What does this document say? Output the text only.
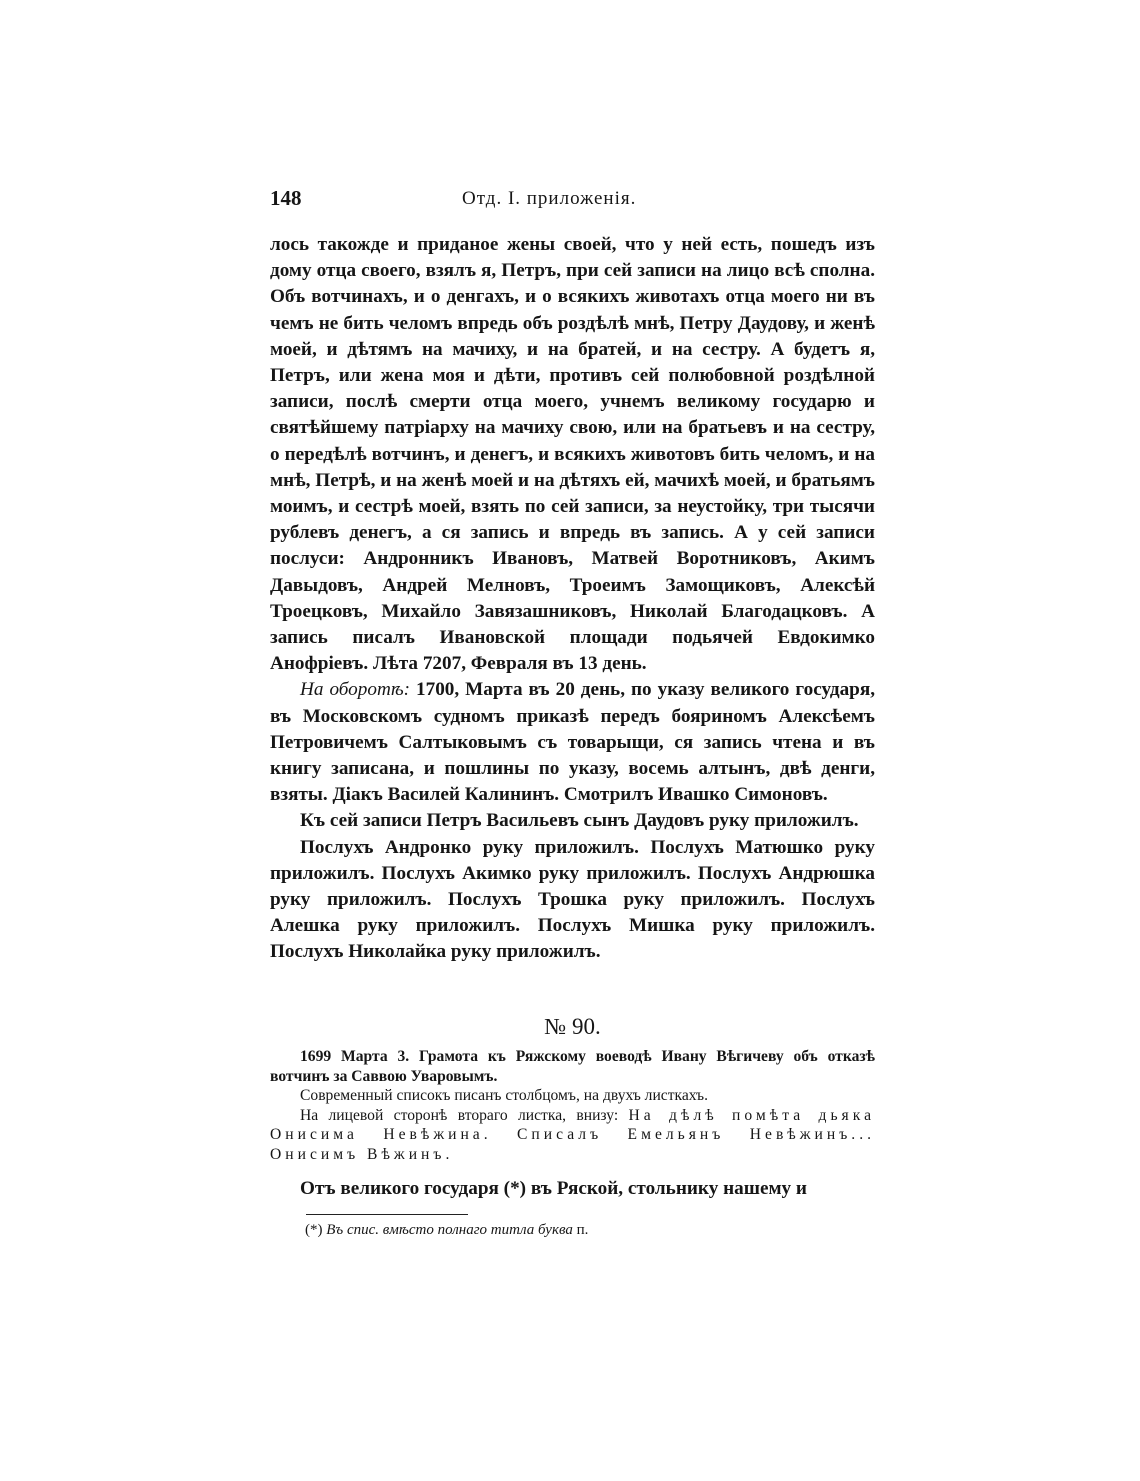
148	Отд. I. приложенія.

лось такожде и приданое жены своей, что у ней есть, пошедъ изъ дому отца своего, взялъ я, Петръ, при сей записи на лицо всѣ сполна. Объ вотчинахъ, и о денгахъ, и о всякихъ животахъ отца моего ни въ чемъ не бить челомъ впредь объ роздѣлѣ мнѣ, Петру Даудову, и женѣ моей, и дѣтямъ на мачиху, и на братей, и на сестру. А будетъ я, Петръ, или жена моя и дѣти, противъ сей полюбовной роздѣлной записи, послѣ смерти отца моего, учнемъ великому государю и святѣйшему патріарху на мачиху свою, или на братьевъ и на сестру, о передѣлѣ вотчинъ, и денегъ, и всякихъ животовъ бить челомъ, и на мнѣ, Петрѣ, и на женѣ моей и на дѣтяхъ ей, мачихѣ моей, и братьямъ моимъ, и сестрѣ моей, взять по сей записи, за неустойку, три тысячи рублевъ денегъ, а ся запись и впредь въ запись. А у сей записи послуси: Андронникъ Ивановъ, Матвей Воротниковъ, Акимъ Давыдовъ, Андрей Мелновъ, Троеимъ Замощиковъ, Алексѣй Троецковъ, Михайло Завязашниковъ, Николай Благодацковъ. А запись писалъ Ивановской площади подьячей Евдокимко Анофріевъ. Лѣта 7207, Февраля въ 13 день.

На оборотѣ: 1700, Марта въ 20 день, по указу великого государя, въ Московскомъ судномъ приказѣ передъ бояриномъ Алексѣемъ Петровичемъ Салтыковымъ съ товарыщи, ся запись чтена и въ книгу записана, и пошлины по указу, восемь алтынъ, двѣ денги, взяты. Діакъ Василей Калининъ. Смотрилъ Ивашко Симоновъ.

Къ сей записи Петръ Васильевъ сынъ Даудовъ руку приложилъ.

Послухъ Андронко руку приложилъ. Послухъ Матюшко руку приложилъ. Послухъ Акимко руку приложилъ. Послухъ Андрюшка руку приложилъ. Послухъ Трошка руку приложилъ. Послухъ Алешка руку приложилъ. Послухъ Мишка руку приложилъ. Послухъ Николайка руку приложилъ.

№ 90.

1699 Марта 3. Грамота къ Ряжскому воеводѣ Ивану Вѣгичеву объ отказѣ вотчинъ за Саввою Уваровымъ.

Современный списокъ писанъ столбцомъ, на двухъ листкахъ.

На лицевой сторонѣ втораго листка, внизу: На дѣлѣ помѣта дьяка Онисима Невѣжина. Списалъ Емельянъ Невѣжинъ... Онисимъ Вѣжинъ.

Отъ великого государя (*) въ Ряской, стольнику нашему и

(*) Въ спис. вмѣсто полнаго титла буква п.
